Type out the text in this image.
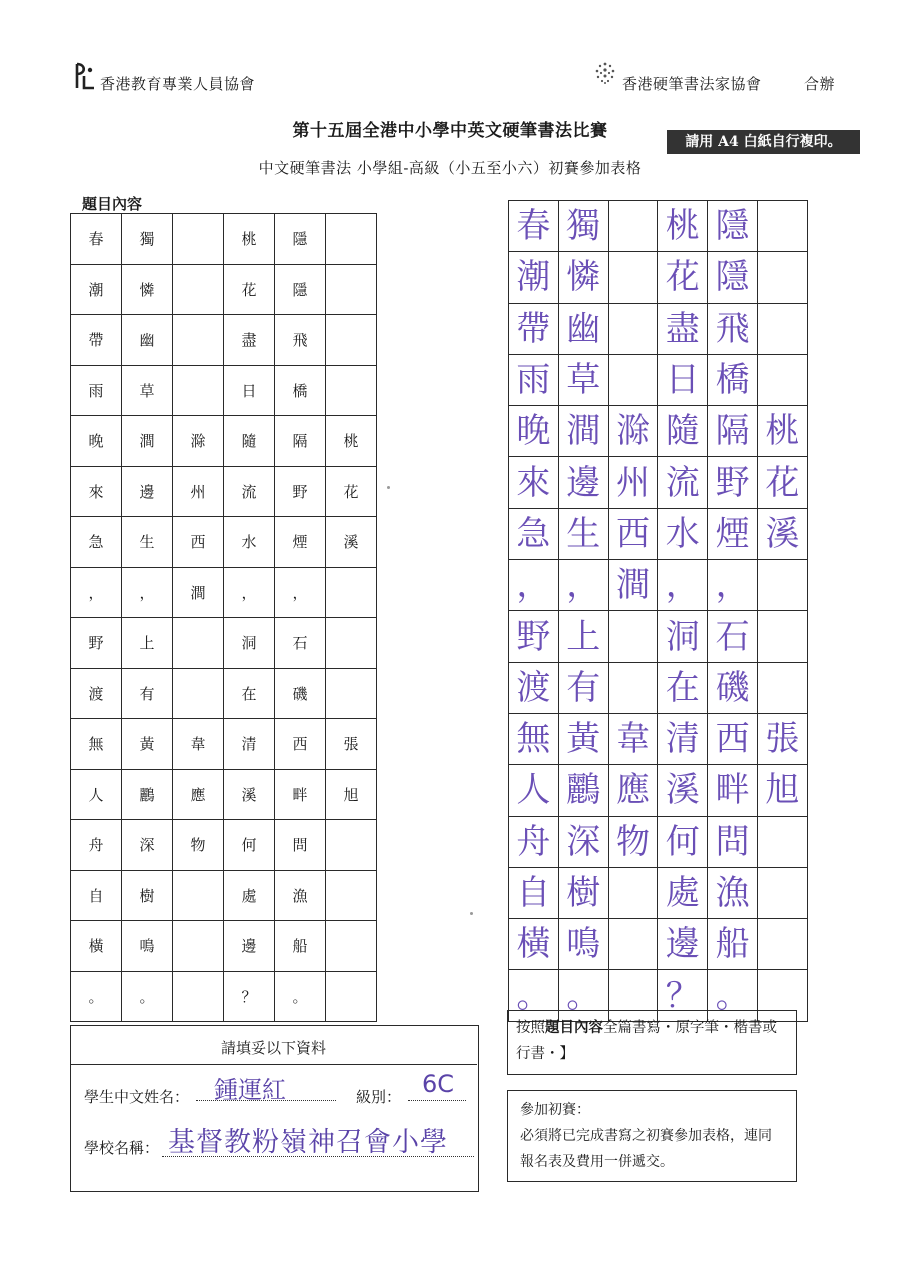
香港教育專業人員協會	香港硬筆書法家協會	合辦
第十五屆全港中小學中英文硬筆書法比賽
請用 A4 白紙自行複印。
中文硬筆書法 小學組-高級（小五至小六）初賽參加表格
題目內容
春	獨		桃	隱	
潮	憐		花	隱	
帶	幽		盡	飛	
雨	草		日	橋	
晚	澗	滁	隨	隔	桃
來	邊	州	流	野	花
急	生	西	水	煙	溪
，	，	澗	，	，	
野	上		洞	石	
渡	有		在	磯	
無	黃	韋	清	西	張
人	鸝	應	溪	畔	旭
舟	深	物	何	問	
自	樹		處	漁	
橫	鳴		邊	船	
。	。		？	。	
春	獨		桃	隱	
潮	憐		花	隱	
帶	幽		盡	飛	
雨	草		日	橋	
晚	澗	滁	隨	隔	桃
來	邊	州	流	野	花
急	生	西	水	煙	溪
，	，	澗	，	，	
野	上		洞	石	
渡	有		在	磯	
無	黃	韋	清	西	張
人	鸝	應	溪	畔	旭
舟	深	物	何	問	
自	樹		處	漁	
橫	鳴		邊	船	
。	。		？	。	
請填妥以下資料
學生中文姓名： 鍾運紅	級別： 6C
學校名稱： 基督教粉嶺神召會小學
按照題目內容全篇書寫・原字筆・楷書或行書・】
參加初賽：
必須將已完成書寫之初賽參加表格，連同報名表及費用一併遞交。
